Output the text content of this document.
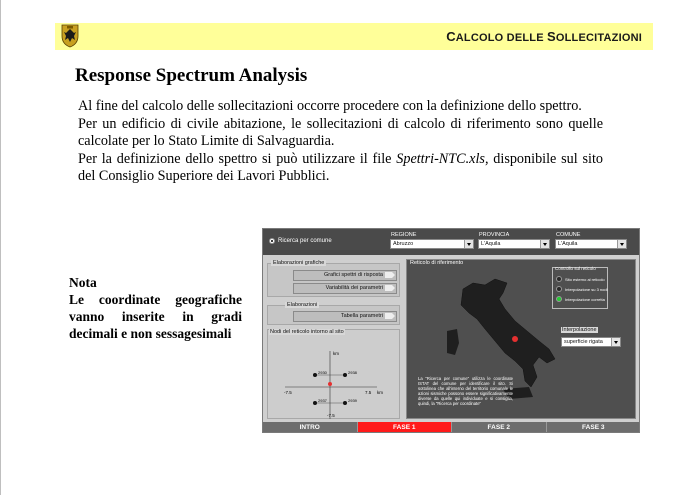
CALCOLO DELLE SOLLECITAZIONI
Response Spectrum Analysis

Al fine del calcolo delle sollecitazioni occorre procedere con la definizione dello spettro.

Per un edificio di civile abitazione, le sollecitazioni di calcolo di riferimento sono quelle calcolate per lo Stato Limite di Salvaguardia.

Per la definizione dello spettro si può utilizzare il file Spettri-NTC.xls, disponibile sul sito del Consiglio Superiore dei Lavori Pubblici.

Nota
Le coordinate geografiche vanno inserite in gradi decimali e non sessagesimali
Ricerca per comune
REGIONE
Abruzzo
PROVINCIA
L'Aquila
COMUNE
L'Aquila
Elaborazioni grafiche
Grafici spettri di risposta
Variabilità dei parametri
Elaborazioni
Tabella parametri
Nodi del reticolo intorno al sito
km
km
-7.5	7.5
-7.5
2930	2938
2937	2939
Reticolo di riferimento
Controllo sul reticolo
Sito esterno al reticolo
Interpolazione su 3 nodi
Interpolazione corretta
Interpolazione
superficie rigata
La "Ricerca per comune" utilizza le coordinate ISTAT del comune per identificare il sito. Si sottolinea che all'interno del territorio comunale le azioni sismiche possono essere significativamente diverse da quelle qui individuate e si consiglia, quindi, la "Ricerca per coordinate"
INTRO	FASE 1	FASE 2	FASE 3
